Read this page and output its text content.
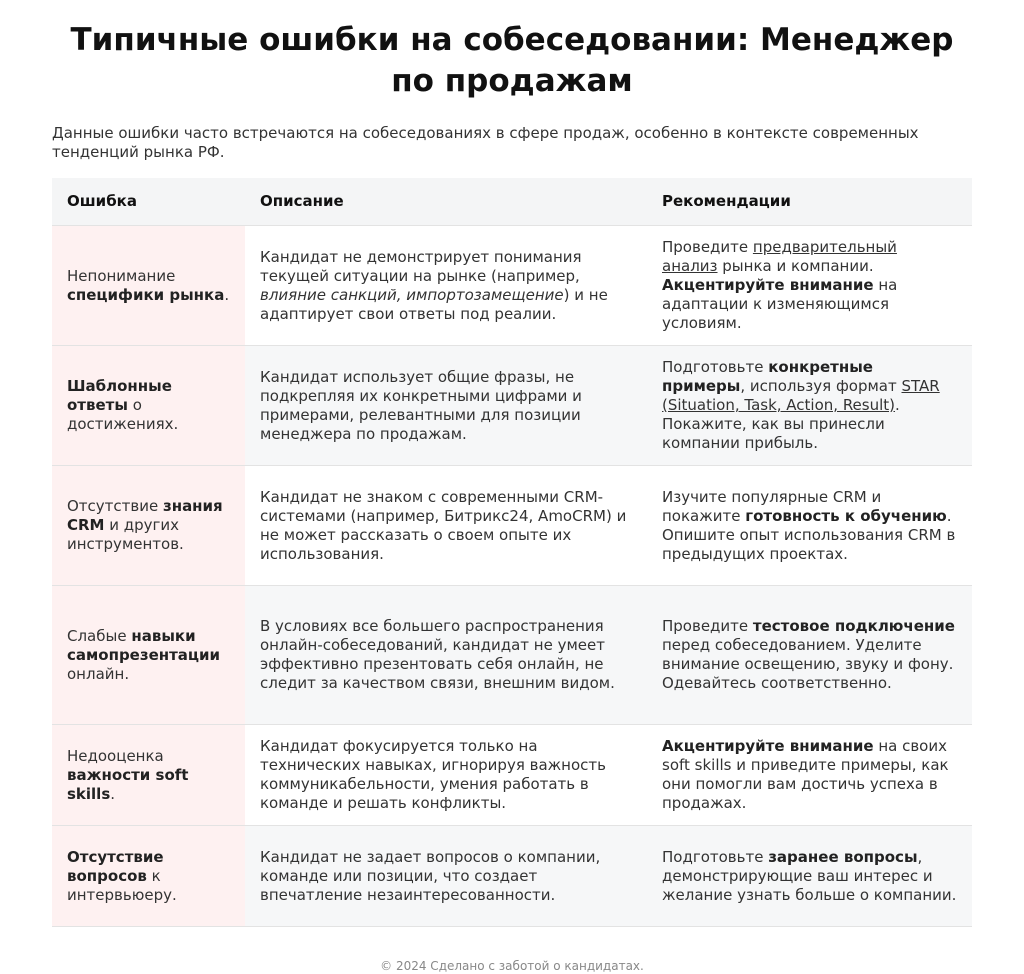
Типичные ошибки на собеседовании: Менеджер по продажам

Данные ошибки часто встречаются на собеседованиях в сфере продаж, особенно в контексте современных тенденций рынка РФ.

Ошибка	Описание	Рекомендации
Непонимание специфики рынка.	Кандидат не демонстрирует понимания текущей ситуации на рынке (например, влияние санкций, импортозамещение) и не адаптирует свои ответы под реалии.	Проведите предварительный анализ рынка и компании. Акцентируйте внимание на адаптации к изменяющимся условиям.
Шаблонные ответы о достижениях.	Кандидат использует общие фразы, не подкрепляя их конкретными цифрами и примерами, релевантными для позиции менеджера по продажам.	Подготовьте конкретные примеры, используя формат STAR (Situation, Task, Action, Result). Покажите, как вы принесли компании прибыль.
Отсутствие знания CRM и других инструментов.	Кандидат не знаком с современными CRM-системами (например, Битрикс24, AmoCRM) и не может рассказать о своем опыте их использования.	Изучите популярные CRM и покажите готовность к обучению. Опишите опыт использования CRM в предыдущих проектах.
Слабые навыки самопрезентации онлайн.	В условиях все большего распространения онлайн-собеседований, кандидат не умеет эффективно презентовать себя онлайн, не следит за качеством связи, внешним видом.	Проведите тестовое подключение перед собеседованием. Уделите внимание освещению, звуку и фону. Одевайтесь соответственно.
Недооценка важности soft skills.	Кандидат фокусируется только на технических навыках, игнорируя важность коммуникабельности, умения работать в команде и решать конфликты.	Акцентируйте внимание на своих soft skills и приведите примеры, как они помогли вам достичь успеха в продажах.
Отсутствие вопросов к интервьюеру.	Кандидат не задает вопросов о компании, команде или позиции, что создает впечатление незаинтересованности.	Подготовьте заранее вопросы, демонстрирующие ваш интерес и желание узнать больше о компании.
© 2024 Сделано с заботой о кандидатах.
